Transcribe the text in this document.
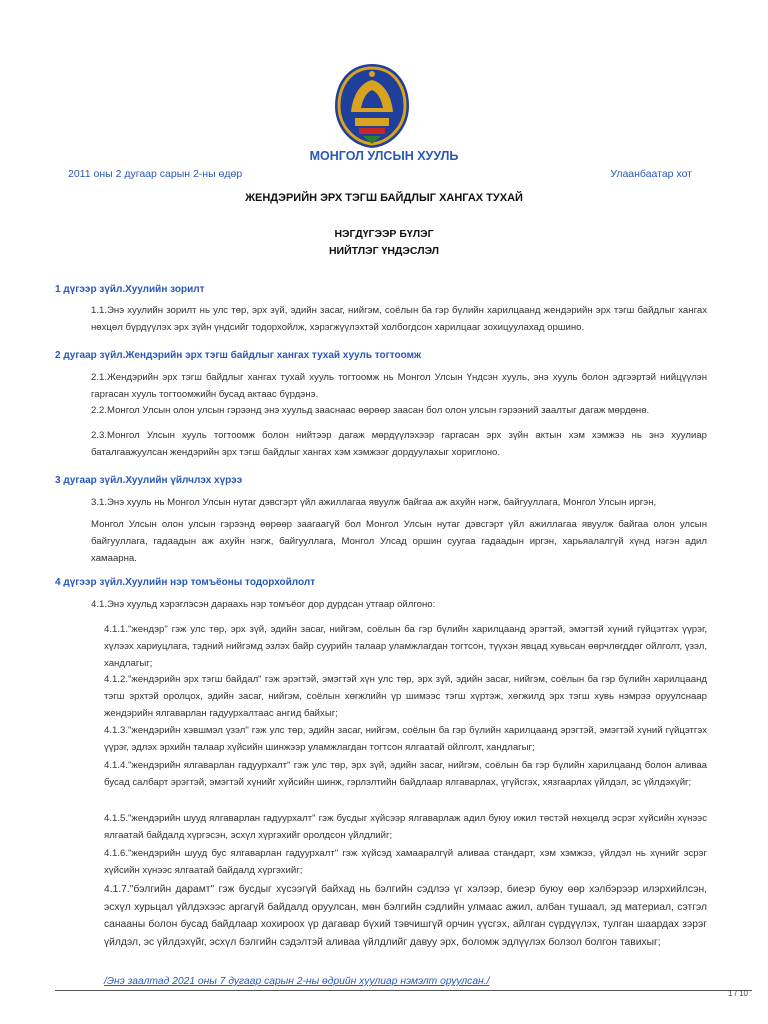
МОНГОЛ УЛСЫН ХУУЛЬ
2011 оны 2 дугаар сарын 2-ны өдөр	Улаанбаатар хот
ЖЕНДЭРИЙН ЭРХ ТЭГШ БАЙДЛЫГ ХАНГАХ ТУХАЙ
НЭГДҮГЭЭР БҮЛЭГ
НИЙТЛЭГ ҮНДЭСЛЭЛ
1 дүгээр зүйл.Хуулийн зорилт

1.1.Энэ хуулийн зорилт нь улс төр, эрх зүй, эдийн засаг, нийгэм, соёлын ба гэр бүлийн харилцаанд жендэрийн эрх тэгш байдлыг хангах нөхцөл бүрдүүлэх эрх зүйн үндсийг тодорхойлж, хэрэгжүүлэхтэй холбогдсон харилцааг зохицуулахад оршино.

2 дугаар зүйл.Жендэрийн эрх тэгш байдлыг хангах тухай хууль тогтоомж

2.1.Жендэрийн эрх тэгш байдлыг хангах тухай хууль тогтоомж нь Монгол Улсын Үндсэн хууль, энэ хууль болон эдгээртэй нийцүүлэн гаргасан хууль тогтоомжийн бусад актаас бүрдэнэ.

2.2.Монгол Улсын олон улсын гэрээнд энэ хуульд зааснаас өөрөөр заасан бол олон улсын гэрээний заалтыг дагаж мөрдөнө.

2.3.Монгол Улсын хууль тогтоомж болон нийтээр дагаж мөрдүүлэхээр гаргасан эрх зүйн актын хэм хэмжээ нь энэ хуулиар баталгаажуулсан жендэрийн эрх тэгш байдлыг хангах хэм хэмжээг дордуулахыг хориглоно.

3 дугаар зүйл.Хуулийн үйлчлэх хүрээ

3.1.Энэ хууль нь Монгол Улсын нутаг дэвсгэрт үйл ажиллагаа явуулж байгаа аж ахуйн нэгж, байгууллага, Монгол Улсын иргэн,

Монгол Улсын олон улсын гэрээнд өөрөөр заагаагүй бол Монгол Улсын нутаг дэвсгэрт үйл ажиллагаа явуулж байгаа олон улсын байгууллага, гадаадын аж ахуйн нэгж, байгууллага, Монгол Улсад оршин суугаа гадаадын иргэн, харьяалалгүй хүнд нэгэн адил хамаарна.

4 дүгээр зүйл.Хуулийн нэр томъёоны тодорхойлолт

4.1.Энэ хуульд хэрэглэсэн дараахь нэр томъёог дор дурдсан утгаар ойлгоно:

4.1.1."жендэр" гэж улс төр, эрх зүй, эдийн засаг, нийгэм, соёлын ба гэр бүлийн харилцаанд эрэгтэй, эмэгтэй хүний гүйцэтгэх үүрэг, хүлээх хариуцлага, тэдний нийгэмд эзлэх байр суурийн талаар уламжлагдан тогтсон, түүхэн явцад хувьсан өөрчлөгддөг ойлголт, үзэл, хандлагыг;

4.1.2."жендэрийн эрх тэгш байдал" гэж эрэгтэй, эмэгтэй хүн улс төр, эрх зүй, эдийн засаг, нийгэм, соёлын ба гэр бүлийн харилцаанд тэгш эрхтэй оролцох, эдийн засаг, нийгэм, соёлын хөгжлийн үр шимээс тэгш хүртэж, хөгжилд эрх тэгш хувь нэмрээ оруулснаар жендэрийн ялгаварлан гадуурхалтаас ангид байхыг;

4.1.3."жендэрийн хэвшмэл үзэл" гэж улс төр, эдийн засаг, нийгэм, соёлын ба гэр бүлийн харилцаанд эрэгтэй, эмэгтэй хүний гүйцэтгэх үүрэг, эдлэх эрхийн талаар хүйсийн шинжээр уламжлагдан тогтсон ялгаатай ойлголт, хандлагыг;

4.1.4."жендэрийн ялгаварлан гадуурхалт" гэж улс төр, эрх зүй, эдийн засаг, нийгэм, соёлын ба гэр бүлийн харилцаанд болон аливаа бусад салбарт эрэгтэй, эмэгтэй хүнийг хүйсийн шинж, гэрлэлтийн байдлаар ялгаварлах, үгүйсгэх, хязгаарлах үйлдэл, эс үйлдэхүйг;

4.1.5."жендэрийн шууд ялгаварлан гадуурхалт" гэж бусдыг хүйсээр ялгаварлаж адил буюу ижил төстэй нөхцөлд эсрэг хүйсийн хүнээс ялгаатай байдалд хүргэсэн, эсхүл хүргэхийг оролдсон үйлдлийг;

4.1.6."жендэрийн шууд бус ялгаварлан гадуурхалт" гэж хүйсэд хамааралгүй аливаа стандарт, хэм хэмжээ, үйлдэл нь хүнийг эсрэг хүйсийн хүнээс ялгаатай байдалд хүргэхийг;

4.1.7."бэлгийн дарамт" гэж бусдыг хүсээгүй байхад нь бэлгийн сэдлээ үг хэлээр, биеэр буюу өөр хэлбэрээр илэрхийлсэн, эсхүл хурьцал үйлдэхээс аргагүй байдалд оруулсан, мөн бэлгийн сэдлийн улмаас ажил, албан тушаал, эд материал, сэтгэл санааны болон бусад байдлаар хохироох үр дагавар бүхий тэвчишгүй орчин үүсгэх, айлган сүрдүүлэх, тулган шаардах зэрэг үйлдэл, эс үйлдэхүйг, эсхүл бэлгийн сэдэлтэй аливаа үйлдлийг давуу эрх, боломж эдлүүлэх болзол болгон тавихыг;

/Энэ заалтад 2021 оны 7 дугаар сарын 2-ны өдрийн хуулиар нэмэлт оруулсан./
1 / 10
